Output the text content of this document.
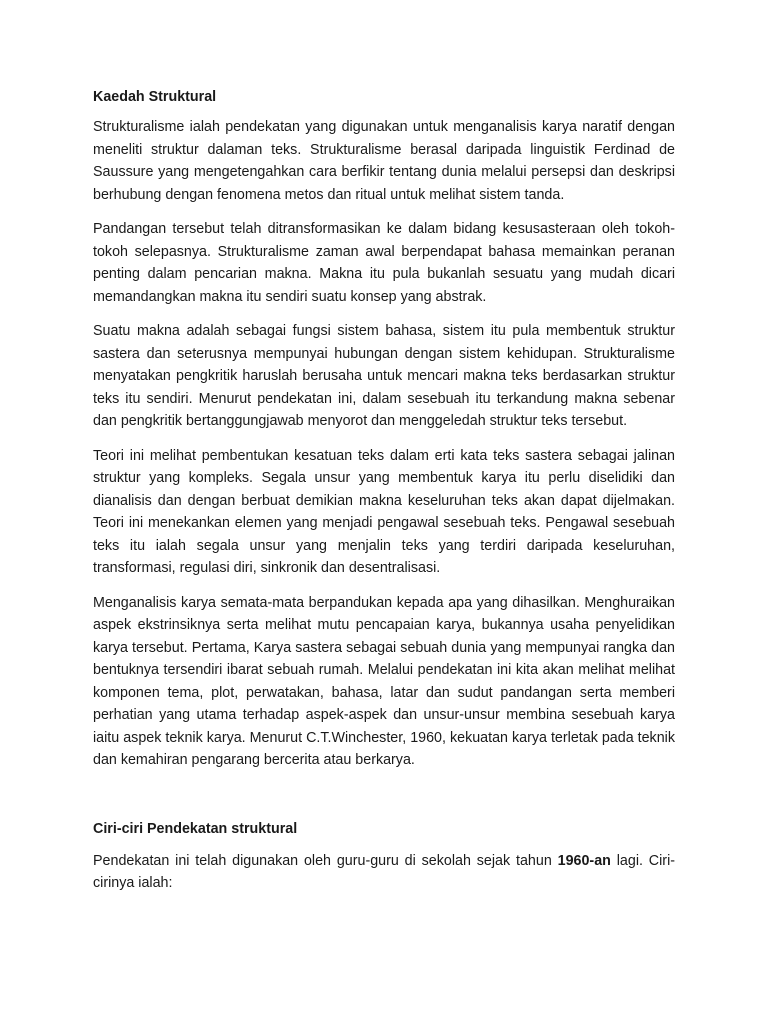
Kaedah Struktural

Strukturalisme ialah pendekatan yang digunakan untuk menganalisis karya naratif dengan meneliti struktur dalaman teks. Strukturalisme berasal daripada linguistik Ferdinad de Saussure yang mengetengahkan cara berfikir tentang dunia melalui persepsi dan deskripsi berhubung dengan fenomena metos dan ritual untuk melihat sistem tanda.

Pandangan tersebut telah ditransformasikan ke dalam bidang kesusasteraan oleh tokoh-tokoh selepasnya. Strukturalisme zaman awal berpendapat bahasa memainkan peranan penting dalam pencarian makna. Makna itu pula bukanlah sesuatu yang mudah dicari memandangkan makna itu sendiri suatu konsep yang abstrak.

Suatu makna adalah sebagai fungsi sistem bahasa, sistem itu pula membentuk struktur sastera dan seterusnya mempunyai hubungan dengan sistem kehidupan. Strukturalisme menyatakan pengkritik haruslah berusaha untuk mencari makna teks berdasarkan struktur teks itu sendiri. Menurut pendekatan ini, dalam sesebuah itu terkandung makna sebenar dan pengkritik bertanggungjawab menyorot dan menggeledah struktur teks tersebut.

Teori ini melihat pembentukan kesatuan teks dalam erti kata teks sastera sebagai jalinan struktur yang kompleks. Segala unsur yang membentuk karya itu perlu diselidiki dan dianalisis dan dengan berbuat demikian makna keseluruhan teks akan dapat dijelmakan. Teori ini menekankan elemen yang menjadi pengawal sesebuah teks. Pengawal sesebuah teks itu ialah segala unsur yang menjalin teks yang terdiri daripada keseluruhan, transformasi, regulasi diri, sinkronik dan desentralisasi.

Menganalisis karya semata-mata berpandukan kepada apa yang dihasilkan. Menghuraikan aspek ekstrinsiknya serta melihat mutu pencapaian karya, bukannya usaha penyelidikan karya tersebut. Pertama, Karya sastera sebagai sebuah dunia yang mempunyai rangka dan bentuknya tersendiri ibarat sebuah rumah. Melalui pendekatan ini kita akan melihat melihat komponen tema, plot, perwatakan, bahasa, latar dan sudut pandangan serta memberi perhatian yang utama terhadap aspek-aspek dan unsur-unsur membina sesebuah karya iaitu aspek teknik karya. Menurut C.T.Winchester, 1960, kekuatan karya terletak pada teknik dan kemahiran pengarang bercerita atau berkarya.

Ciri-ciri Pendekatan struktural

Pendekatan ini telah digunakan oleh guru-guru di sekolah sejak tahun 1960-an lagi. Ciri-cirinya ialah:
